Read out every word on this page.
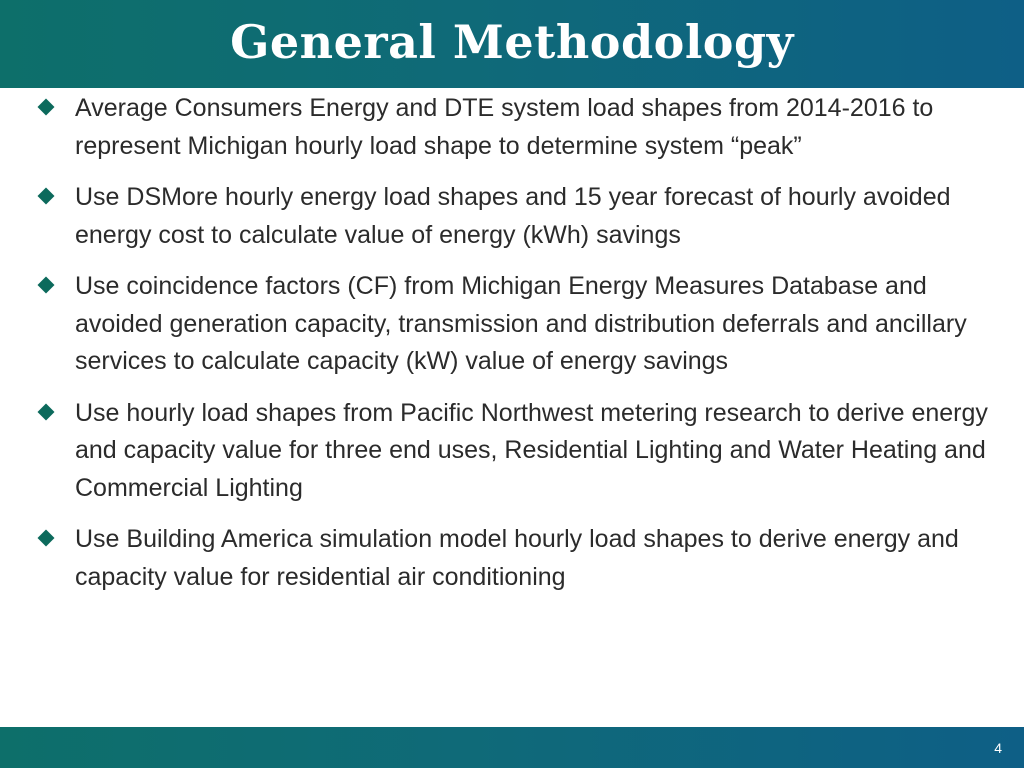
General Methodology
Average Consumers Energy and DTE system load shapes from 2014-2016 to represent Michigan hourly load shape to determine system “peak”
Use DSMore hourly energy load shapes and 15 year forecast of hourly avoided energy cost to calculate value of energy (kWh) savings
Use coincidence factors (CF) from Michigan Energy Measures Database and avoided generation capacity, transmission and distribution deferrals and ancillary services to calculate capacity (kW) value of energy savings
Use hourly load shapes from Pacific Northwest metering research to derive energy and capacity value for three end uses, Residential Lighting and Water Heating and Commercial Lighting
Use Building America simulation model hourly load shapes to derive energy and capacity value for residential air conditioning
4
